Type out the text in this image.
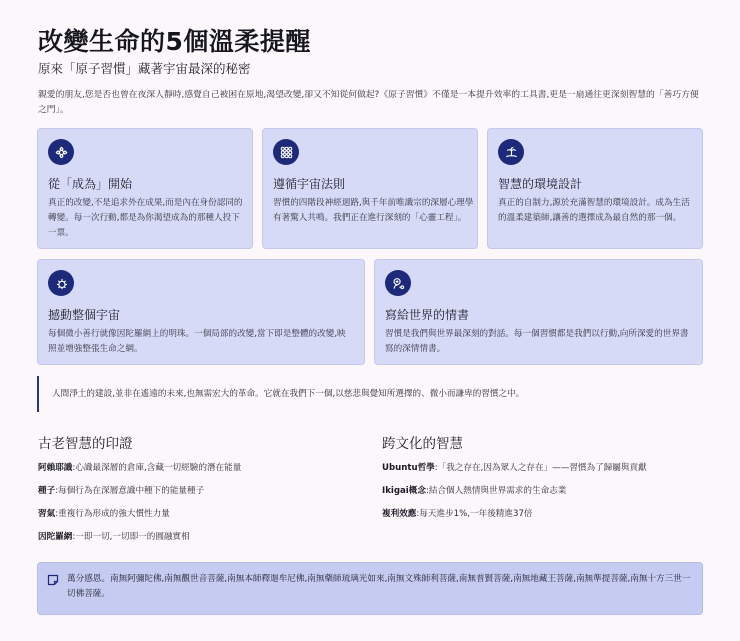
改變生命的5個溫柔提醒
原來「原子習慣」藏著宇宙最深的秘密
親愛的朋友,您是否也曾在夜深人靜時,感覺自己被困在原地,渴望改變,卻又不知從何做起?《原子習慣》不僅是一本提升效率的工具書,更是一扇通往更深刻智慧的「善巧方便之門」。
從「成為」開始
真正的改變,不是追求外在成果,而是內在身份認同的轉變。每一次行動,都是為你渴望成為的那種人投下一票。
遵循宇宙法則
習慣的四階段神經迴路,與千年前唯識宗的深層心理學有著驚人共鳴。我們正在進行深刻的「心靈工程」。
智慧的環境設計
真正的自制力,源於充滿智慧的環境設計。成為生活的溫柔建築師,讓善的選擇成為最自然的那一個。
撼動整個宇宙
每個微小善行就像因陀羅網上的明珠。一個局部的改變,當下即是整體的改變,映照並增強整張生命之網。
寫給世界的情書
習慣是我們與世界最深刻的對話。每一個習慣都是我們以行動,向所深愛的世界書寫的深情情書。
人間淨土的建設,並非在遙遠的未來,也無需宏大的革命。它就在我們下一個,以慈悲與覺知所選擇的、微小而謙卑的習慣之中。
古老智慧的印證
阿賴耶識:心識最深層的倉庫,含藏一切經驗的潛在能量
種子:每個行為在深層意識中種下的能量種子
習氣:重複行為形成的強大慣性力量
因陀羅網:一即一切,一切即一的圓融實相
跨文化的智慧
Ubuntu哲學:「我之存在,因為眾人之存在」——習慣為了歸屬與貢獻
Ikigai概念:結合個人熱情與世界需求的生命志業
複利效應:每天進步1%,一年後精進37倍
萬分感恩。南無阿彌陀佛,南無觀世音菩薩,南無本師釋迦牟尼佛,南無藥師琉璃光如來,南無文殊師利菩薩,南無普賢菩薩,南無地藏王菩薩,南無準提菩薩,南無十方三世一切佛菩薩。
